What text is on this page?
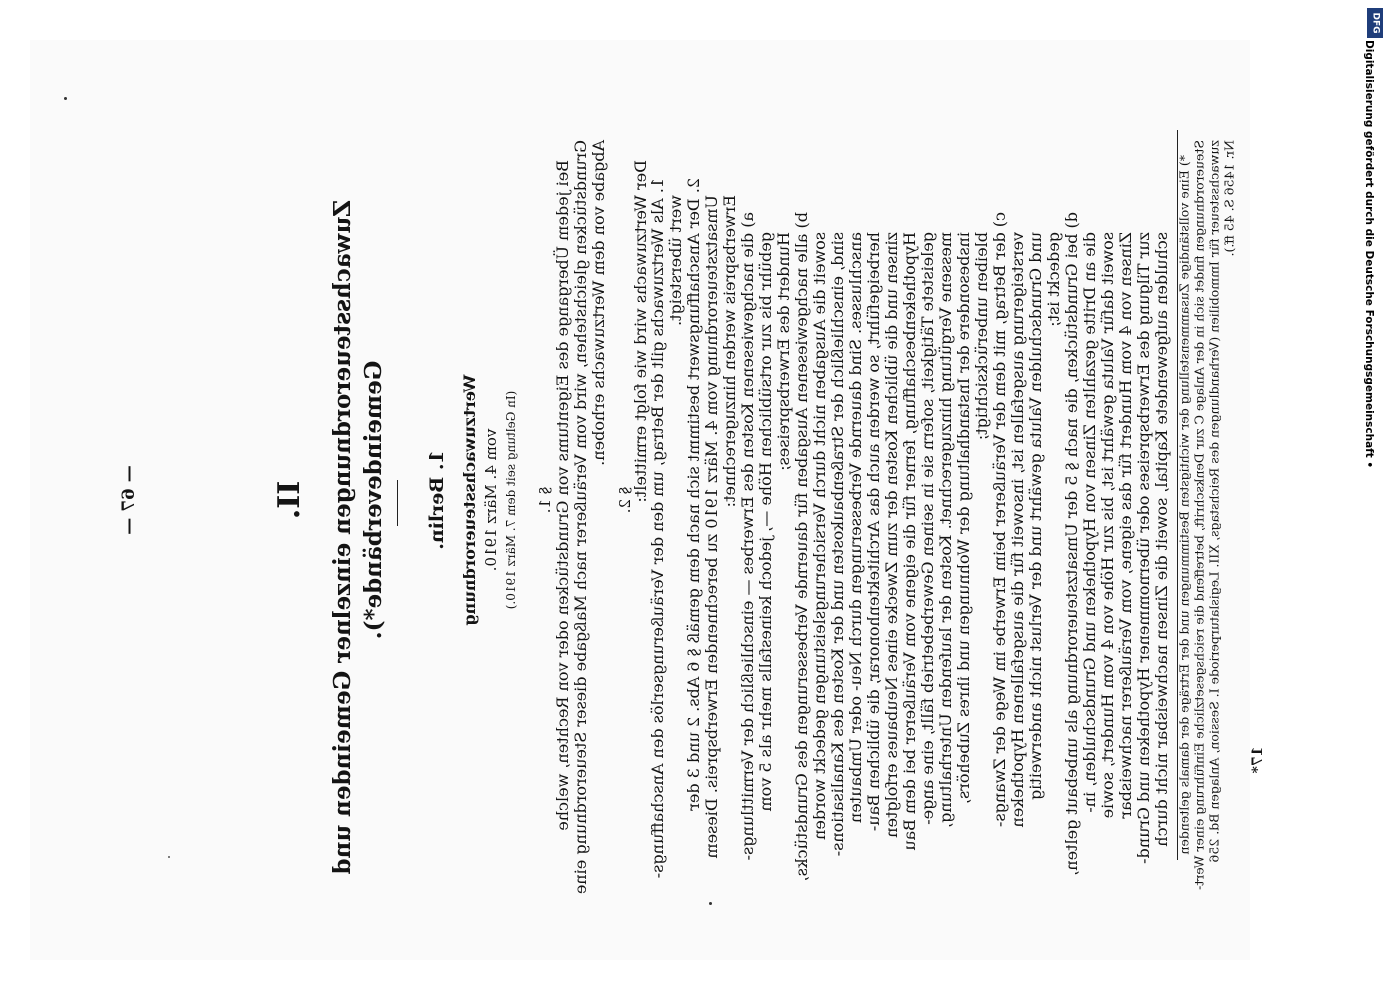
— 67 —	II. Zuwachssteuerordnungen einzelner Gemeinden und Gemeindeverbände*). 1. Berlin. Wertzuwachssteuerordnung vom 4. März 1910. (In Geltung seit dem 7. März 1910.) § 1. Bei jedem Übergange des Eigentums von Grundstücken oder von Rechten, welche Grundstücken gleichstehen, wird vom Veräußerer nach Maßgabe dieser Steuerordnung eine Abgabe von dem Wertzuwachs erhoben.
§ 2.
Der Wertzuwachs wird wie folgt ermittelt:
1. Als Wertzuwachs gilt der Betrag, um den der Veräußerungserlös den Anschaffungs- wert übersteigt. 2. Der Anschaffungswert bestimmt sich nach dem gemäß § 6 Abs. 2 und 3 der Umsatzsteuerordnung vom 4. März 1910 zu berechnenden Erwerbspreis. Diesem Erwerbspreis werden hinzugerechnet: a) die nachgewiesenen Kosten des Erwerbes — einschließlich der Vermittlungs- gebühr bis zur ortsüblichen Höhe —, jedoch keinesfalls mehr als 5 vom Hundert des Erwerbspreises; b) alle nachgewiesenen Ausgaben für dauernde Verbesserungen des Grundstücks, soweit die Ausgaben nicht durch Versicherungsleistungen gedeckt worden sind, einschließlich der Straßenbaukosten und der Kosten des Kanalisations- anschlusses. Sind dauernde Verbesserungen durch Neu- oder Umbauten herbeigeführt, so werden auch das Architektenhonorar, die üblichen Bau- zinsen und die üblichen Kosten der zum Zwecke eines Neubaues erfolgten Hypothekenbeschaffung, ferner für die eigene vom Veräußerer bei dem Bau geleistete Tätigkeit, sofern sie in seinen Gewerbebetrieb fällt, eine ange- messene Vergütung hinzugerechnet. Kosten der laufenden Unterhaltung, insbesondere der Instandhaltung der Wohnungen und ihres Zubehörs, bleiben unberücksichtigt; c) der Betrag, mit dem der Veräußerer beim Erwerbe im Wege der Zwangs- versteigerung ausgefallen ist, insoweit für die ausgefallenen Hypotheken und Grundschulden Valuta gewährt und der Verlust nicht anderweitig gedeckt ist; d) bei Grundstücken, die nach § 5 der Umsatzsteuerordnung als unbebaut gelten, die an Dritte gezahlten Zinsen von Hypotheken und Grundschulden, in- soweit dafür Valuta gewährt ist, bis zur Höhe von 4 vom Hundert, sowie Zinsen von 4 vom Hundert für das eigene, vom Veräußerer nachweisbar zur Tilgung des Erwerbspreises oder übernommener Hypotheken und Grund- schulden aufgewendete Kapital, soweit die Zinsen nachweisbar nicht durch	17*
*) Eine vollständige Zusammenstellung der wichtigsten Bestimmungen und der Erträge der damals geltenden Steuerordnungen findet sich in der Anlage C zur Denkschrift, betreffend die reichsgesetzliche Einführung einer Wert- zuwachssteuer für Immobilien (Verhandlungen des Reichstags, XII. Legislaturperiode I. Session, Anlagen Bd. 256 Nr. 1456 S. 45 ff.).
DFG
Digitalisierung gefördert durch die Deutsche Forschungsgemeinschaft •
